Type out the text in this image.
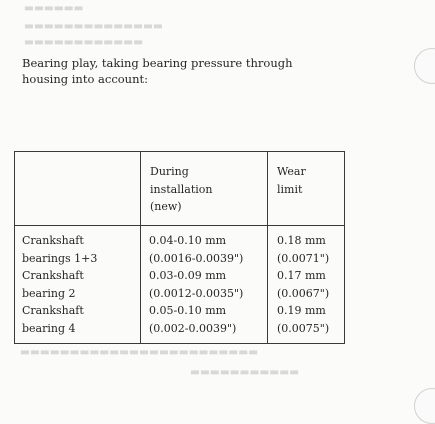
▬▬▬▬▬▬
▬▬▬▬▬▬▬▬▬▬▬▬▬▬
▬▬▬▬▬▬▬▬▬▬▬▬
▬▬▬▬▬▬▬▬▬▬▬▬▬▬▬▬▬▬▬▬▬▬▬▬
▬▬▬▬▬▬▬▬▬▬▬
Bearing play, taking bearing pressure through
housing into account:
During
installation
(new)
Wear
limit
Crankshaft
bearings 1+3
Crankshaft
bearing 2
Crankshaft
bearing 4
0.04-0.10 mm
(0.0016-0.0039")
0.03-0.09 mm
(0.0012-0.0035")
0.05-0.10 mm
(0.002-0.0039")
0.18 mm
(0.0071")
0.17 mm
(0.0067")
0.19 mm
(0.0075")
